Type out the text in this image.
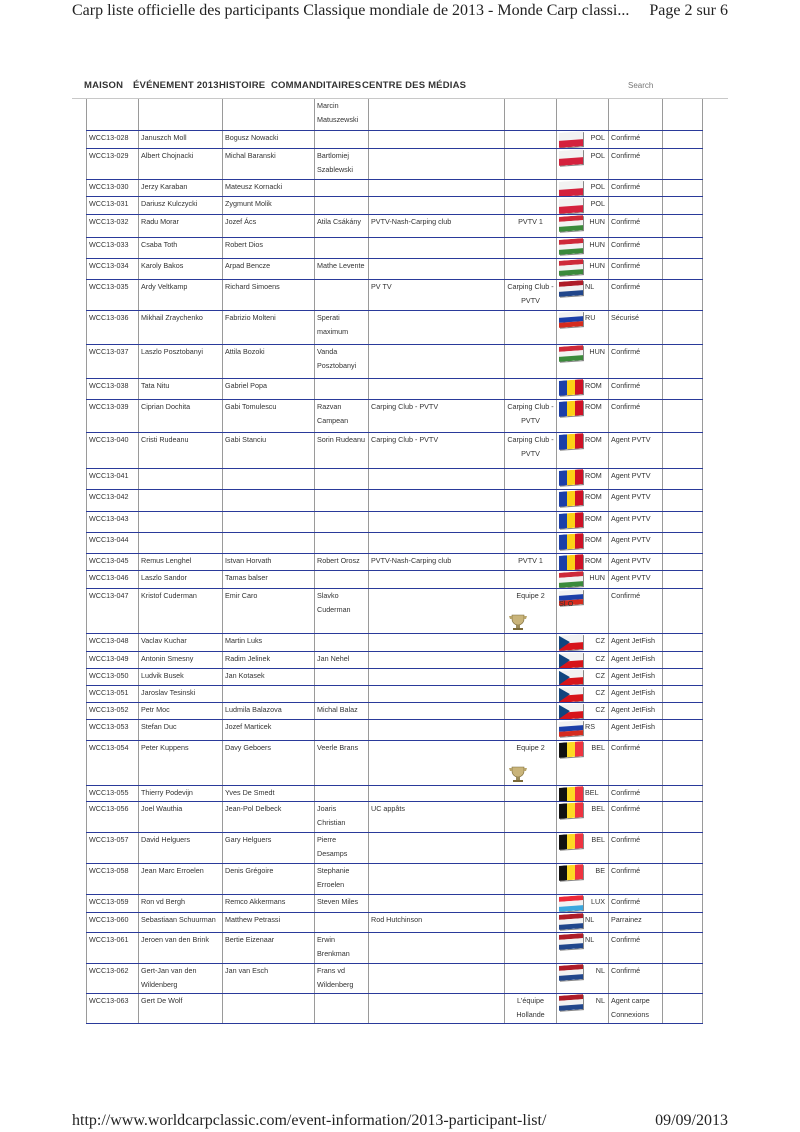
Carp liste officielle des participants Classique mondiale de 2013 - Monde Carp classi... Page 2 sur 6
MAISON ÉVÉNEMENT 2013 HISTOIRE COMMANDITAIRES CENTRE DES MÉDIAS
Search
			Marcin Matuszewski			

WCC13-028	Januszch Moll	Bogusz Nowacki				POL	Confirmé	
WCC13-029	Albert Chojnacki	Michal Baranski	Bartlomiej Szablewski			POL	Confirmé	
WCC13-030	Jerzy Karaban	Mateusz Kornacki				POL	Confirmé	
WCC13-031	Dariusz Kulczycki	Zygmunt Molik				POL		

WCC13-032	Radu Morar	Jozef Ács	Atila Csákány	PVTV-Nash-Carping club	PVTV 1	HUN	Confirmé	
WCC13-033	Csaba Toth	Robert Dios				HUN	Confirmé	
WCC13-034	Karoly Bakos	Arpad Bencze	Mathe Levente			HUN	Confirmé	
WCC13-035	Ardy Veltkamp	Richard Simoens		PV TV	Carping Club - PVTV	NL	Confirmé	
WCC13-036	Mikhail Zraychenko	Fabrizio Molteni	Sperati maximum			RU	Sécurisé	
WCC13-037	Laszlo Posztobanyi	Attila Bozoki	Vanda Posztobanyi			HUN	Confirmé	
WCC13-038	Tata Nitu	Gabriel Popa				ROM	Confirmé	
WCC13-039	Ciprian Dochita	Gabi Tomulescu	Razvan Campean	Carping Club - PVTV	Carping Club - PVTV	ROM	Confirmé	
WCC13-040	Cristi Rudeanu	Gabi Stanciu	Sorin Rudeanu	Carping Club - PVTV	Carping Club - PVTV	ROM	Agent PVTV	
WCC13-041						ROM	Agent PVTV	
WCC13-042						ROM	Agent PVTV	
WCC13-043						ROM	Agent PVTV	
WCC13-044						ROM	Agent PVTV	
WCC13-045	Remus Lenghel	Istvan Horvath	Robert Orosz	PVTV-Nash-Carping club	PVTV 1	ROM	Agent PVTV	
WCC13-046	Laszlo Sandor	Tamas balser				HUN	Agent PVTV	
WCC13-047	Kristof Cuderman	Emir Caro	Slavko Cuderman		Equipe 2	SLO	Confirmé	
WCC13-048	Vaclav Kuchar	Martin Luks				CZ	Agent JetFish	
WCC13-049	Antonin Smesny	Radim Jelinek	Jan Nehel			CZ	Agent JetFish	
WCC13-050	Ludvik Busek	Jan Kotasek				CZ	Agent JetFish	
WCC13-051	Jaroslav Tesinski					CZ	Agent JetFish	
WCC13-052	Petr Moc	Ludmila Balazova	Michal Balaz			CZ	Agent JetFish	
WCC13-053	Stefan Duc	Jozef Marticek				RS	Agent JetFish	
WCC13-054	Peter Kuppens	Davy Geboers	Veerle Brans		Equipe 2	BEL	Confirmé	
WCC13-055	Thierry Podevijn	Yves De Smedt				BEL	Confirmé	
WCC13-056	Joel Wauthia	Jean-Pol Delbeck	Joaris Christian	UC appâts		BEL	Confirmé	
WCC13-057	David Helguers	Gary Helguers	Pierre Desamps			BEL	Confirmé	
WCC13-058	Jean Marc Erroelen	Denis Grégoire	Stephanie Erroelen			BE	Confirmé	
WCC13-059	Ron vd Bergh	Remco Akkermans	Steven Miles			LUX	Confirmé	
WCC13-060	Sebastiaan Schuurman	Matthew Petrassi		Rod Hutchinson		NL	Parrainez	
WCC13-061	Jeroen van den Brink	Bertie Eizenaar	Erwin Brenkman			NL	Confirmé	
WCC13-062	Gert-Jan van den Wildenberg	Jan van Esch	Frans vd Wildenberg			NL	Confirmé	
WCC13-063	Gert De Wolf				L'équipe Hollande	NL	Agent carpe Connexions	
http://www.worldcarpclassic.com/event-information/2013-participant-list/	09/09/2013
